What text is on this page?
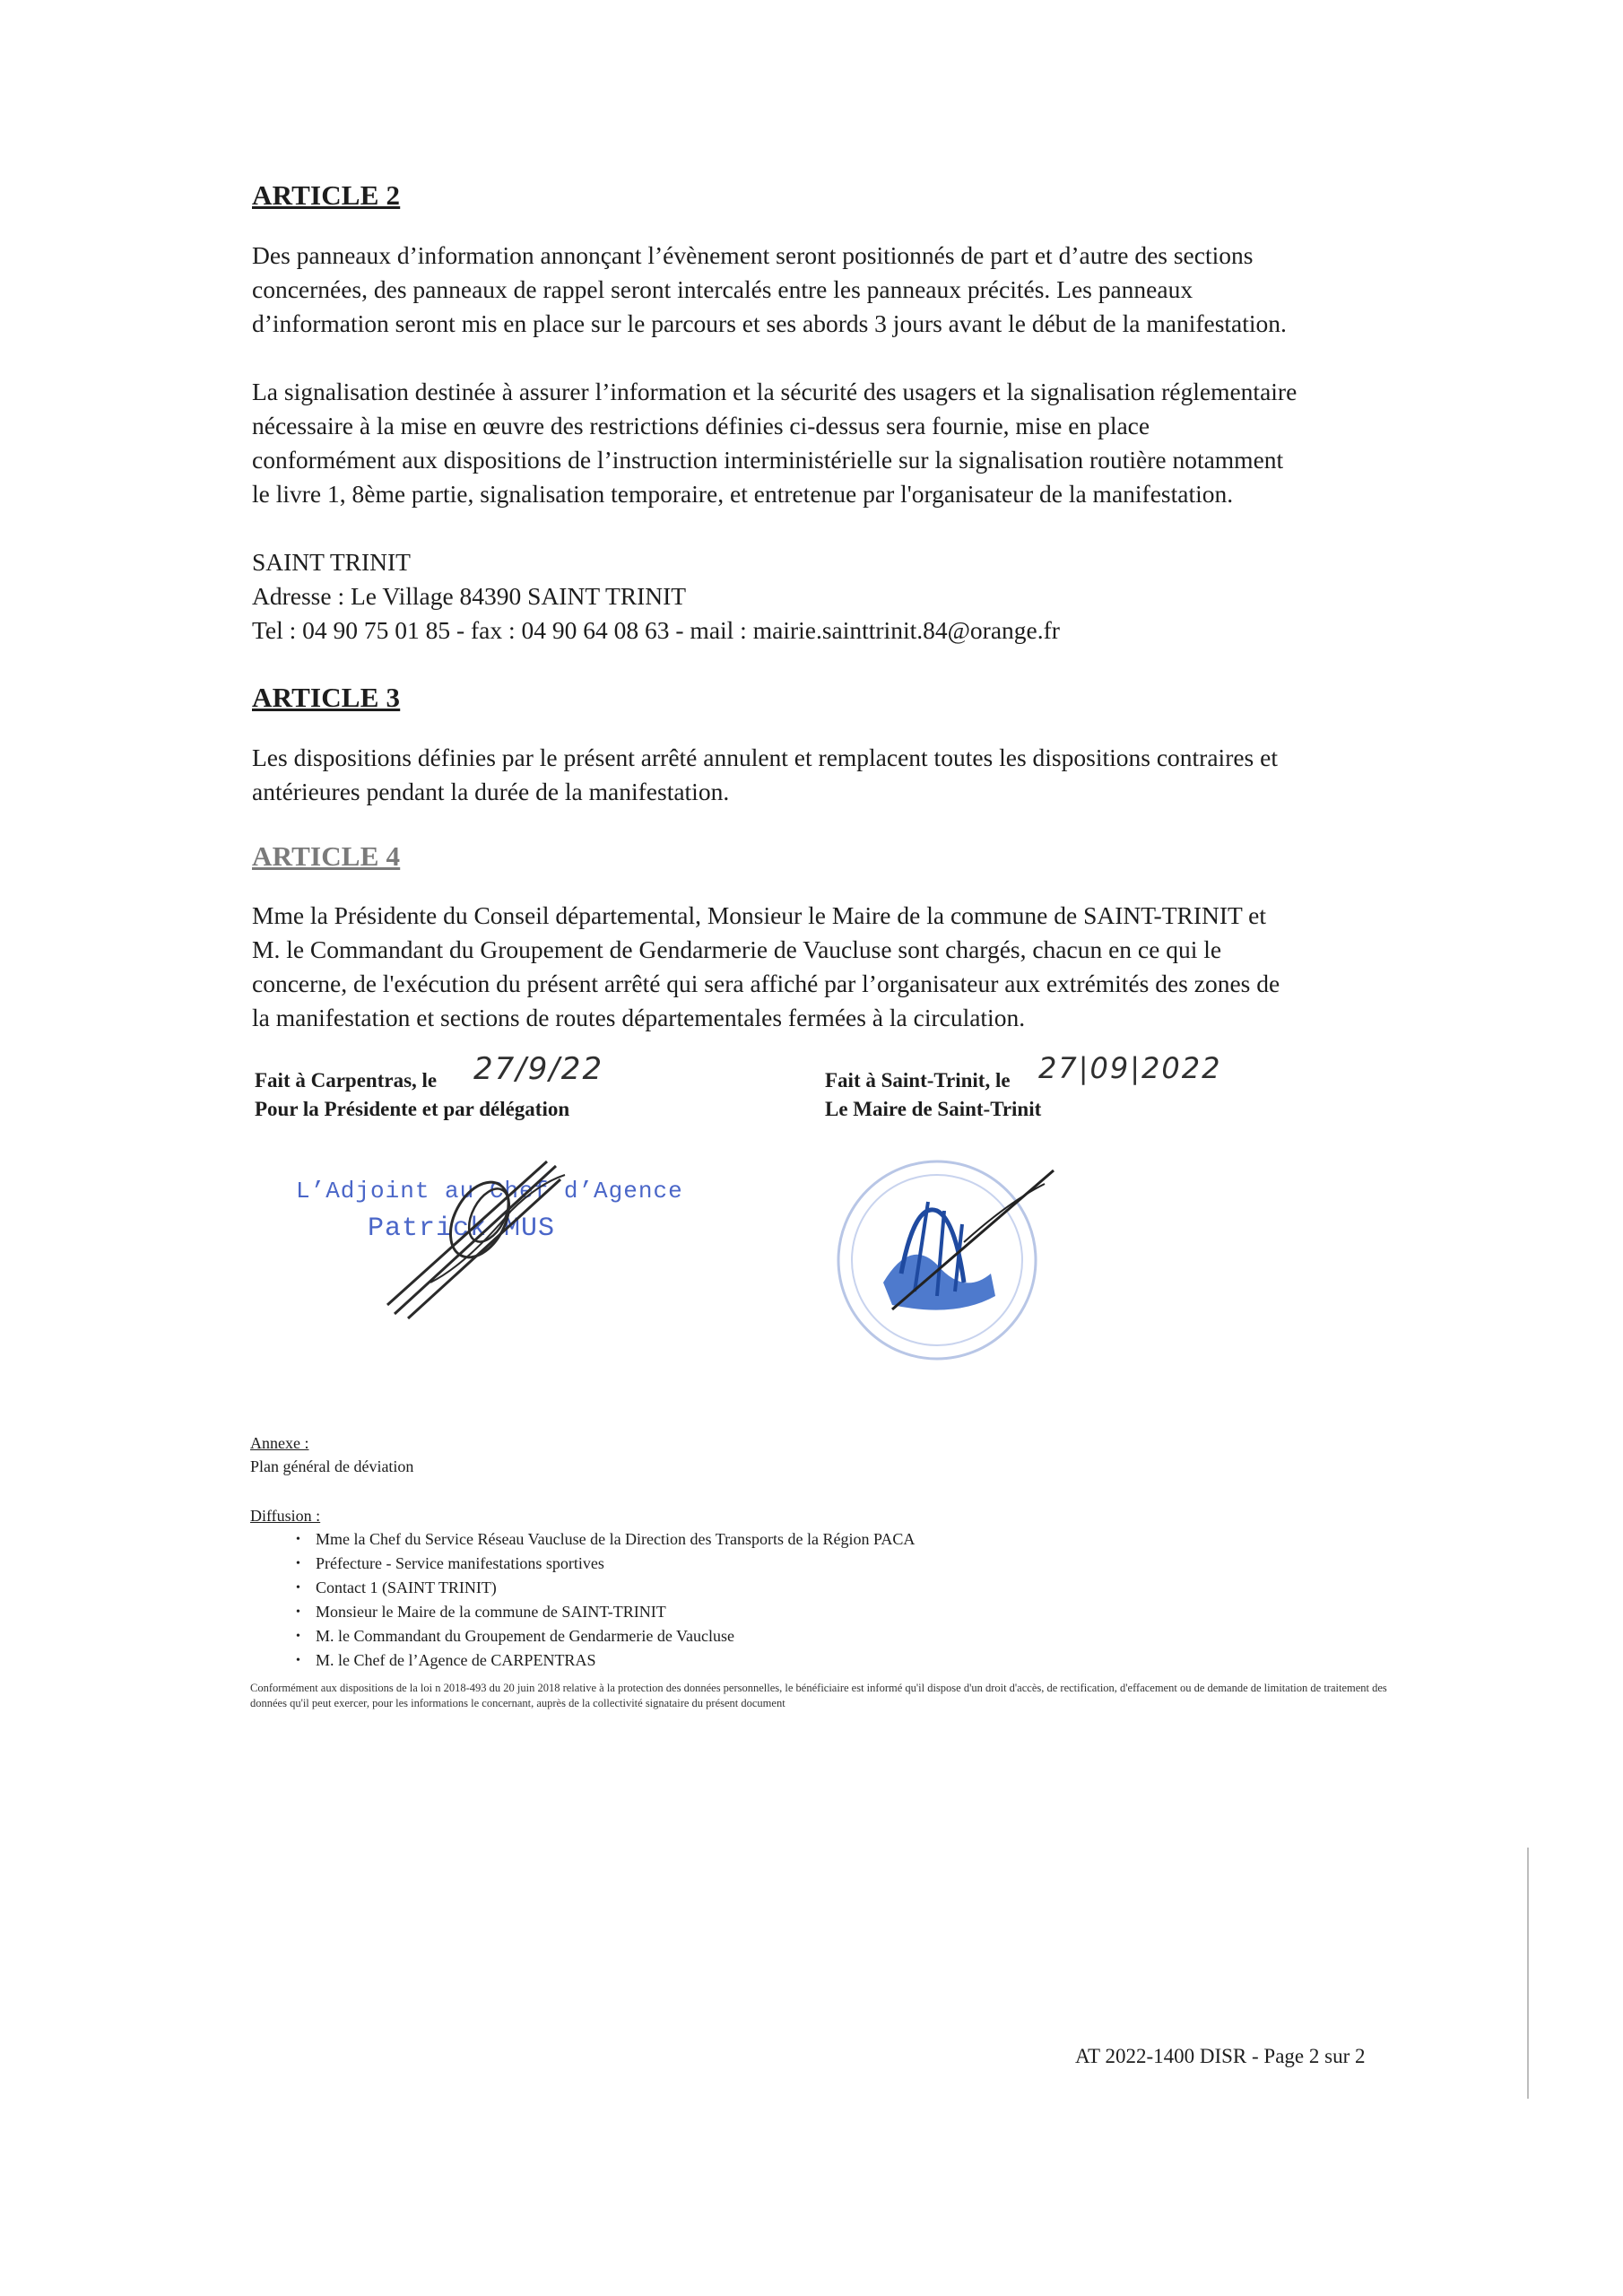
ARTICLE 2

Des panneaux d’information annonçant l’évènement seront positionnés de part et d’autre des sections
concernées, des panneaux de rappel seront intercalés entre les panneaux précités. Les panneaux
d’information seront mis en place sur le parcours et ses abords 3 jours avant le début de la manifestation.

La signalisation destinée à assurer l’information et la sécurité des usagers et la signalisation réglementaire
nécessaire à la mise en œuvre des restrictions définies ci-dessus sera fournie, mise en place
conformément aux dispositions de l’instruction interministérielle sur la signalisation routière notamment
le livre 1, 8ème partie, signalisation temporaire, et entretenue par l'organisateur de la manifestation.

SAINT TRINIT
Adresse : Le Village 84390 SAINT TRINIT
Tel : 04 90 75 01 85 - fax : 04 90 64 08 63 - mail : mairie.sainttrinit.84@orange.fr
ARTICLE 3

Les dispositions définies par le présent arrêté annulent et remplacent toutes les dispositions contraires et
antérieures pendant la durée de la manifestation.

ARTICLE 4

Mme la Présidente du Conseil départemental, Monsieur le Maire de la commune de SAINT-TRINIT et
M. le Commandant du Groupement de Gendarmerie de Vaucluse sont chargés, chacun en ce qui le
concerne, de l'exécution du présent arrêté qui sera affiché par l’organisateur aux extrémités des zones de
la manifestation et sections de routes départementales fermées à la circulation.

Fait à Carpentras, le 27/9/22
Pour la Présidente et par délégation
L’Adjoint au Chef d’Agence
Patrick MUS
Fait à Saint-Trinit, le 27|09|2022
Le Maire de Saint-Trinit
Annexe :
Plan général de déviation
Diffusion :
• Mme la Chef du Service Réseau Vaucluse de la Direction des Transports de la Région PACA
• Préfecture - Service manifestations sportives
• Contact 1 (SAINT TRINIT)
• Monsieur le Maire de la commune de SAINT-TRINIT
• M. le Commandant du Groupement de Gendarmerie de Vaucluse
• M. le Chef de l’Agence de CARPENTRAS
Conformément aux dispositions de la loi n 2018-493 du 20 juin 2018 relative à la protection des données personnelles, le bénéficiaire est informé qu'il dispose d'un droit d'accès, de rectification, d'effacement ou de demande de limitation de traitement des données qu'il peut exercer, pour les informations le concernant, auprès de la collectivité signataire du présent document
AT 2022-1400 DISR - Page 2 sur 2
